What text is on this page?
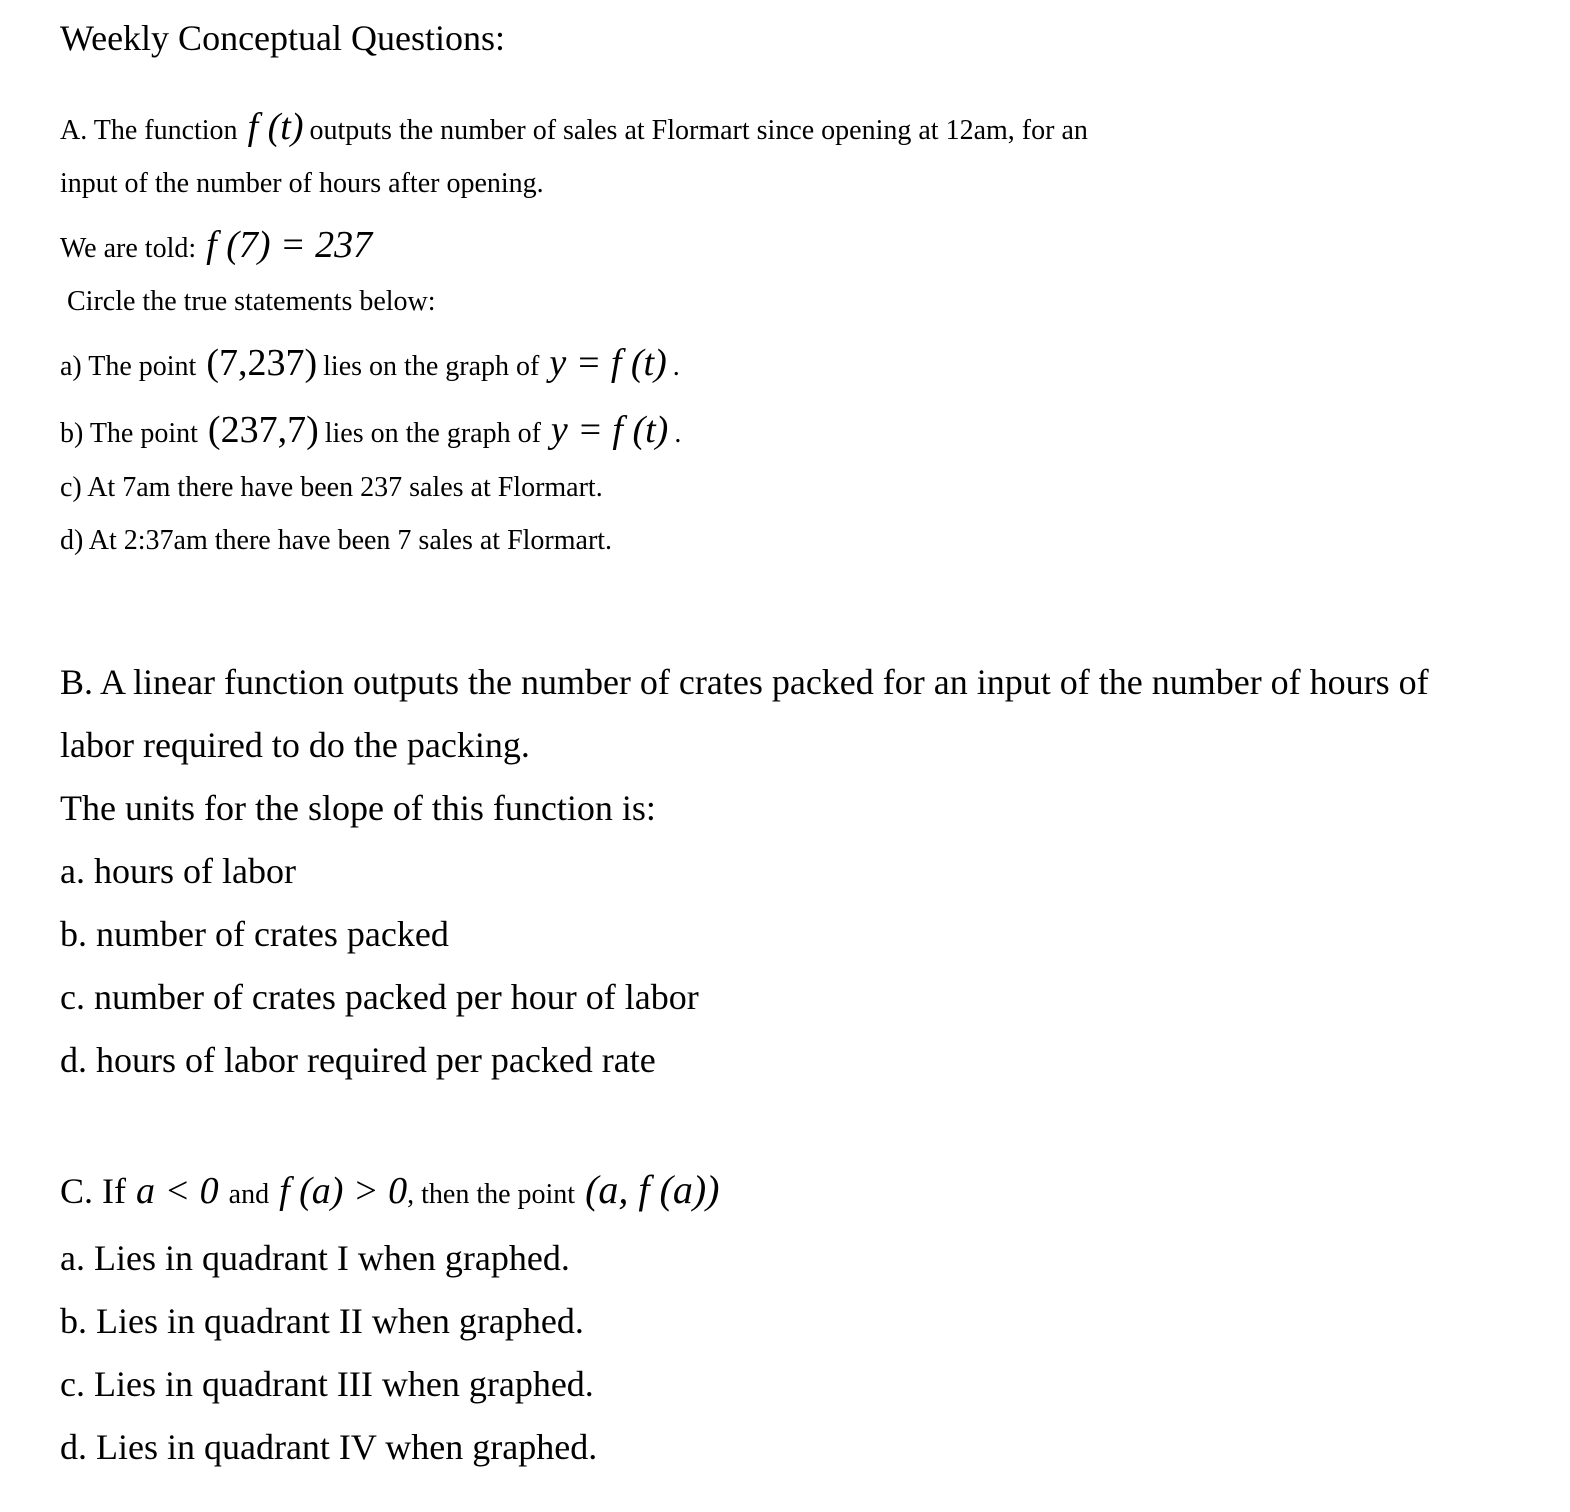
Weekly Conceptual Questions:
A. The function f (t) outputs the number of sales at Flormart since opening at 12am, for an
input of the number of hours after opening.
We are told: f (7) = 237
Circle the true statements below:
a) The point (7,237) lies on the graph of y = f (t) .
b) The point (237,7) lies on the graph of y = f (t) .
c) At 7am there have been 237 sales at Flormart.
d) At 2:37am there have been 7 sales at Flormart.
B. A linear function outputs the number of crates packed for an input of the number of hours of
labor required to do the packing.
The units for the slope of this function is:
a. hours of labor
b. number of crates packed
c. number of crates packed per hour of labor
d. hours of labor required per packed rate
C. If a < 0 and f (a) > 0, then the point (a, f (a))
a. Lies in quadrant I when graphed.
b. Lies in quadrant II when graphed.
c. Lies in quadrant III when graphed.
d. Lies in quadrant IV when graphed.
